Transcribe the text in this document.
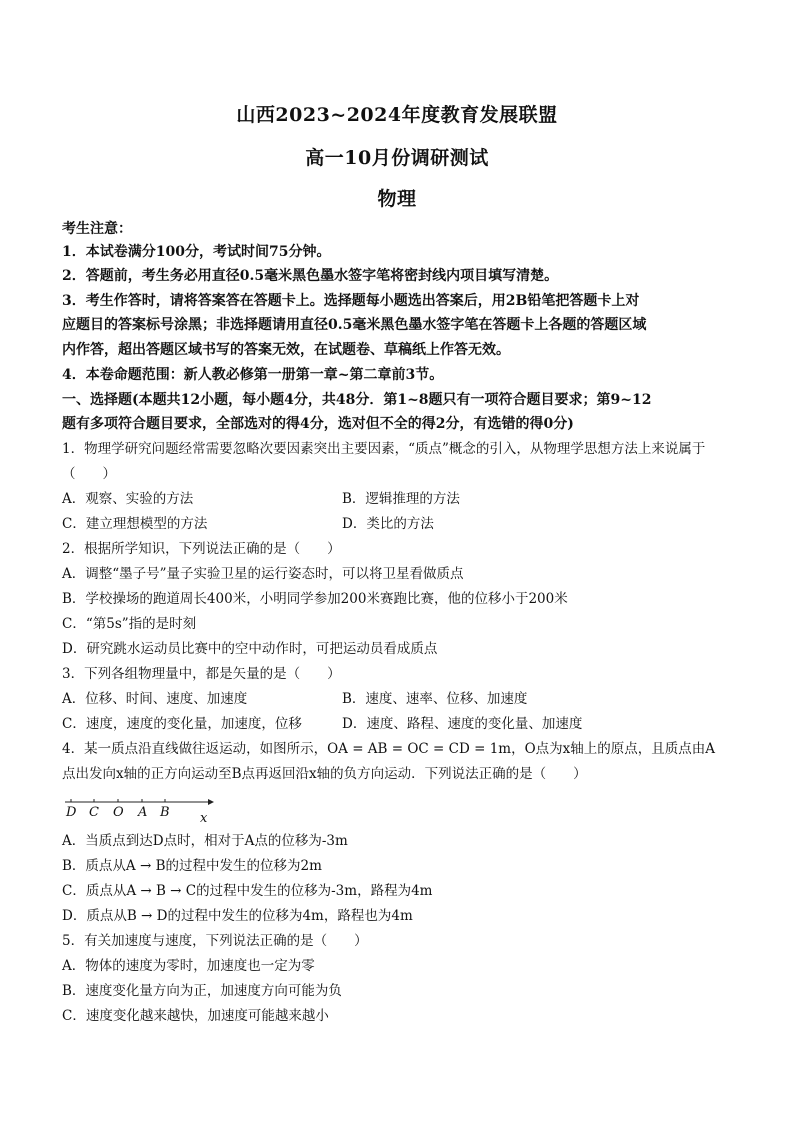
山西2023~2024年度教育发展联盟
高一10月份调研测试
物理
考生注意：
1．本试卷满分100分，考试时间75分钟。
2．答题前，考生务必用直径0.5毫米黑色墨水签字笔将密封线内项目填写清楚。
3．考生作答时，请将答案答在答题卡上。选择题每小题选出答案后，用2B铅笔把答题卡上对
应题目的答案标号涂黑；非选择题请用直径0.5毫米黑色墨水签字笔在答题卡上各题的答题区域
内作答，超出答题区域书写的答案无效，在试题卷、草稿纸上作答无效。
4．本卷命题范围：新人教必修第一册第一章~第二章前3节。
一、选择题(本题共12小题，每小题4分，共48分．第1~8题只有一项符合题目要求；第9~12
题有多项符合题目要求，全部选对的得4分，选对但不全的得2分，有选错的得0分)
1．物理学研究问题经常需要忽略次要因素突出主要因素，“质点”概念的引入，从物理学思想方法上来说属于
（　　）
A．观察、实验的方法	B．逻辑推理的方法
C．建立理想模型的方法	D．类比的方法
2．根据所学知识，下列说法正确的是（　　）
A．调整“墨子号”量子实验卫星的运行姿态时，可以将卫星看做质点
B．学校操场的跑道周长400米，小明同学参加200米赛跑比赛，他的位移小于200米
C．“第5s”指的是时刻
D．研究跳水运动员比赛中的空中动作时，可把运动员看成质点
3．下列各组物理量中，都是矢量的是（　　）
A．位移、时间、速度、加速度	B．速度、速率、位移、加速度
C．速度，速度的变化量，加速度，位移	D．速度、路程、速度的变化量、加速度
4．某一质点沿直线做往返运动，如图所示，OA = AB = OC = CD = 1m，O点为x轴上的原点，且质点由A
点出发向x轴的正方向运动至B点再返回沿x轴的负方向运动．下列说法正确的是（　　）
D C O A B x
A．当质点到达D点时，相对于A点的位移为-3m
B．质点从A → B的过程中发生的位移为2m
C．质点从A → B → C的过程中发生的位移为-3m，路程为4m
D．质点从B → D的过程中发生的位移为4m，路程也为4m
5．有关加速度与速度，下列说法正确的是（　　）
A．物体的速度为零时，加速度也一定为零
B．速度变化量方向为正，加速度方向可能为负
C．速度变化越来越快，加速度可能越来越小
